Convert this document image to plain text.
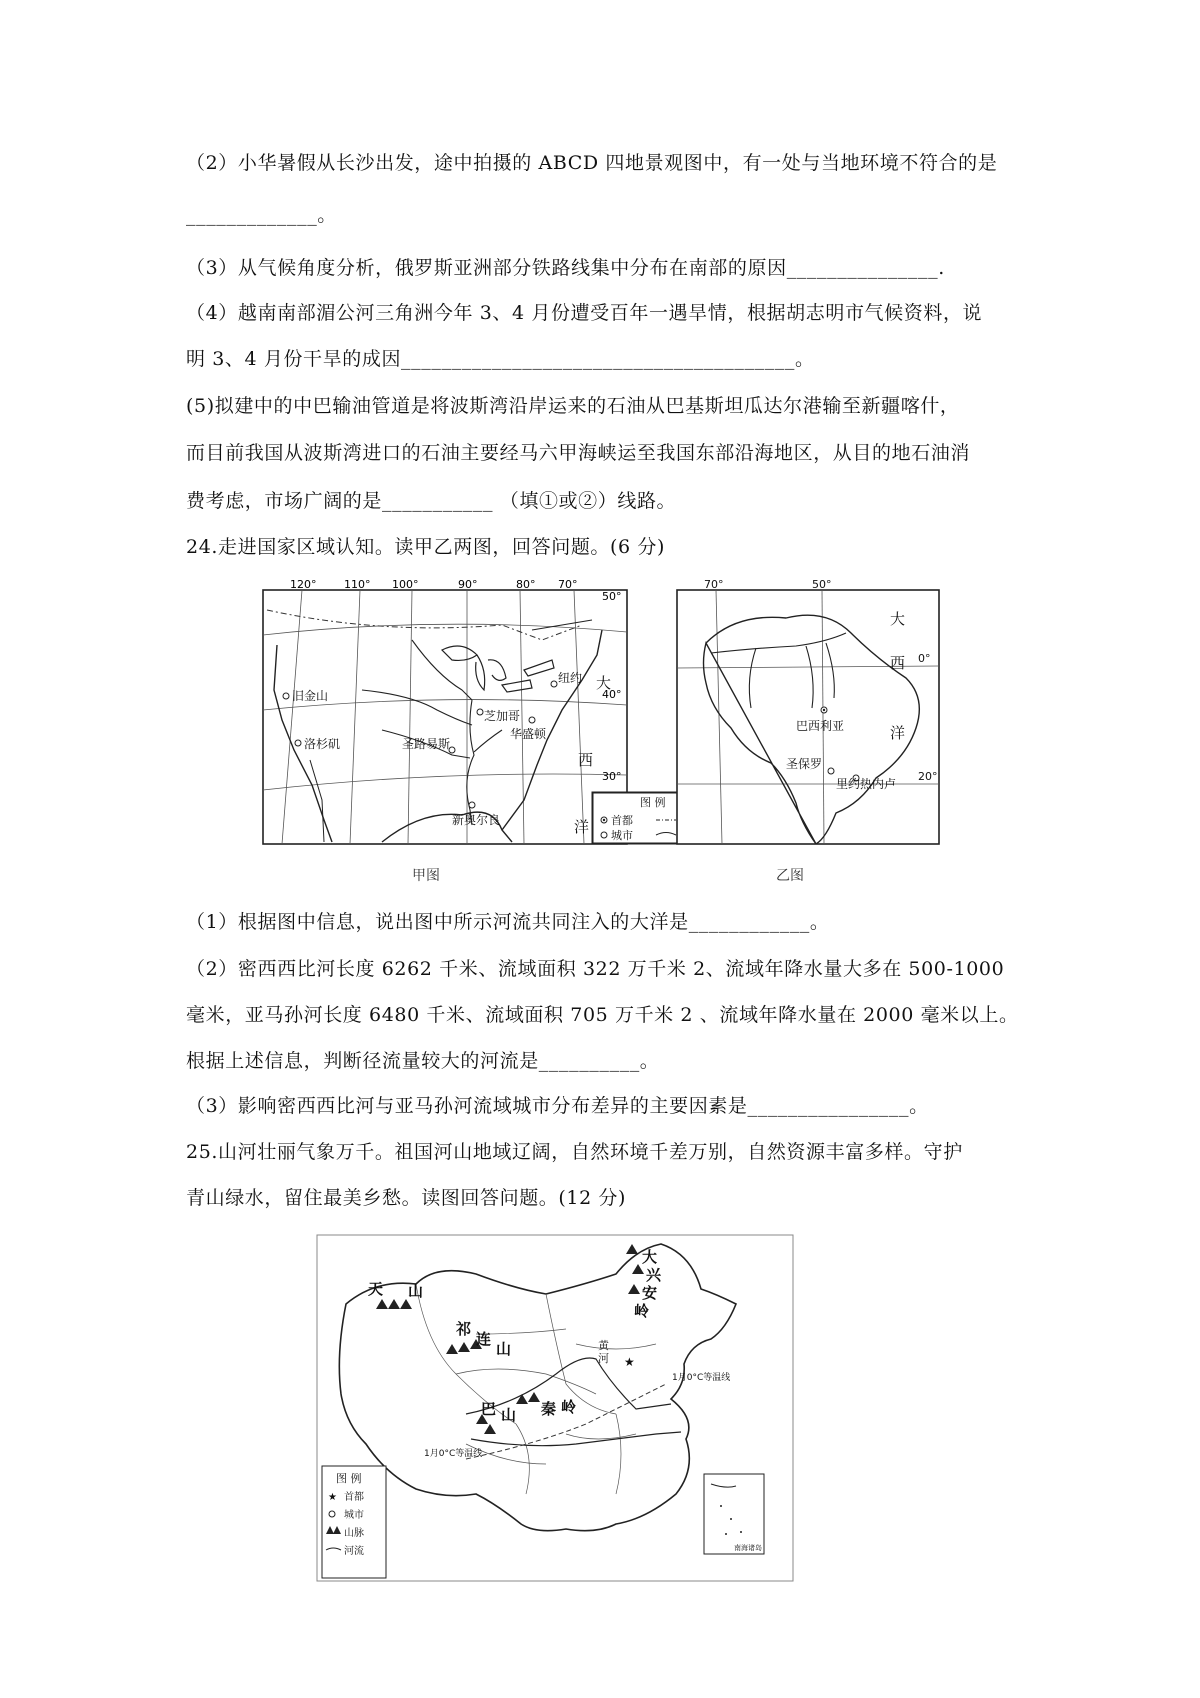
（2）小华暑假从长沙出发，途中拍摄的 ABCD 四地景观图中，有一处与当地环境不符合的是
_____________。
（3）从气候角度分析，俄罗斯亚洲部分铁路线集中分布在南部的原因_______________.
（4）越南南部湄公河三角洲今年 3、4 月份遭受百年一遇旱情，根据胡志明市气候资料，说
明 3、4 月份干旱的成因_______________________________________。
(5)拟建中的中巴输油管道是将波斯湾沿岸运来的石油从巴基斯坦瓜达尔港输至新疆喀什，
而目前我国从波斯湾进口的石油主要经马六甲海峡运至我国东部沿海地区，从目的地石油消
费考虑，市场广阔的是___________ （填①或②）线路。
24.走进国家区域认知。读甲乙两图，回答问题。(6 分)
120°	110° 100°	90°	80° 70°
50°
40°
30°
旧金山
洛杉矶
芝加哥
圣路易斯
华盛顿
纽约
新奥尔良
大
西
洋
甲图
图 例
首都
城市
巴西利亚
圣保罗
里约热内卢
70°	50°
0°
20°
大
西
洋
乙图
（1）根据图中信息，说出图中所示河流共同注入的大洋是____________。
（2）密西西比河长度 6262 千米、流域面积 322 万千米 2、流域年降水量大多在 500-1000
毫米，亚马孙河长度 6480 千米、流域面积 705 万千米 2 、流域年降水量在 2000 毫米以上。
根据上述信息，判断径流量较大的河流是__________。
（3）影响密西西比河与亚马孙河流域城市分布差异的主要因素是________________。
25.山河壮丽气象万千。祖国河山地域辽阔，自然环境千差万别，自然资源丰富多样。守护
青山绿水，留住最美乡愁。读图回答问题。(12 分)
天 山
祁
连
山
大
兴
安
岭
秦 岭
巴 山
黄
河
1月0°C等温线
1月0°C等温线
★
图 例
★ 首都
城市
山脉
河流	南海诸岛
